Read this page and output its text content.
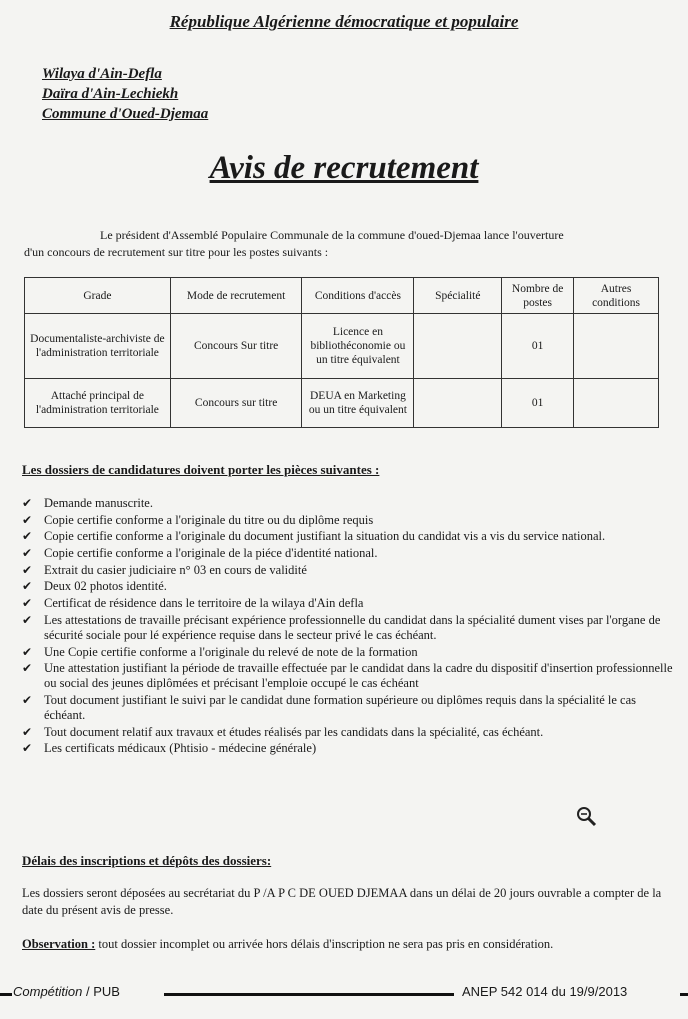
République Algérienne démocratique et populaire
Wilaya d'Ain-Defla
Daïra d'Ain-Lechiekh
Commune d'Oued-Djemaa
Avis de recrutement
Le président d'Assemblé Populaire Communale de la commune d'oued-Djemaa lance l'ouverture
d'un concours de recrutement sur titre pour les postes suivants :
Grade	Mode de recrutement	Conditions d'accès	Spécialité	Nombre de postes	Autres conditions
Documentaliste-archiviste de l'administration territoriale	Concours Sur titre	Licence en bibliothéconomie ou un titre équivalent		01	
Attaché principal de l'administration territoriale	Concours sur titre	DEUA en Marketing ou un titre équivalent		01	
Les dossiers de candidatures doivent porter les pièces suivantes :
✔ Demande manuscrite.
✔ Copie certifie conforme a l'originale du titre ou du diplôme requis
✔ Copie certifie conforme a l'originale du document justifiant la situation du candidat vis a vis du service national.
✔ Copie certifie conforme a l'originale de la piéce d'identité national.
✔ Extrait du casier judiciaire n° 03 en cours de validité
✔ Deux 02 photos identité.
✔ Certificat de résidence dans le territoire de la wilaya d'Ain defla
✔ Les attestations de travaille précisant expérience professionnelle du candidat dans la spécialité dument vises par l'organe de sécurité sociale pour lé expérience requise dans le secteur privé le cas échéant.
✔ Une Copie certifie conforme a l'originale du relevé de note de la formation
✔ Une attestation justifiant la période de travaille effectuée par le candidat dans la cadre du dispositif d'insertion professionnelle ou social des jeunes diplômées et précisant l'emploie occupé le cas échéant
✔ Tout document justifiant le suivi par le candidat dune formation supérieure ou diplômes requis dans la spécialité le cas échéant.
✔ Tout document relatif aux travaux et études réalisés par les candidats dans la spécialité, cas échéant.
✔ Les certificats médicaux (Phtisio - médecine générale)
Délais des inscriptions et dépôts des dossiers:
Les dossiers seront déposées au secrétariat du P /A P C DE OUED DJEMAA dans un délai de 20 jours ouvrable a compter de la date du présent avis de presse.
Observation : tout dossier incomplet ou arrivée hors délais d'inscription ne sera pas pris en considération.
Compétition / PUB	ANEP 542 014 du 19/9/2013
